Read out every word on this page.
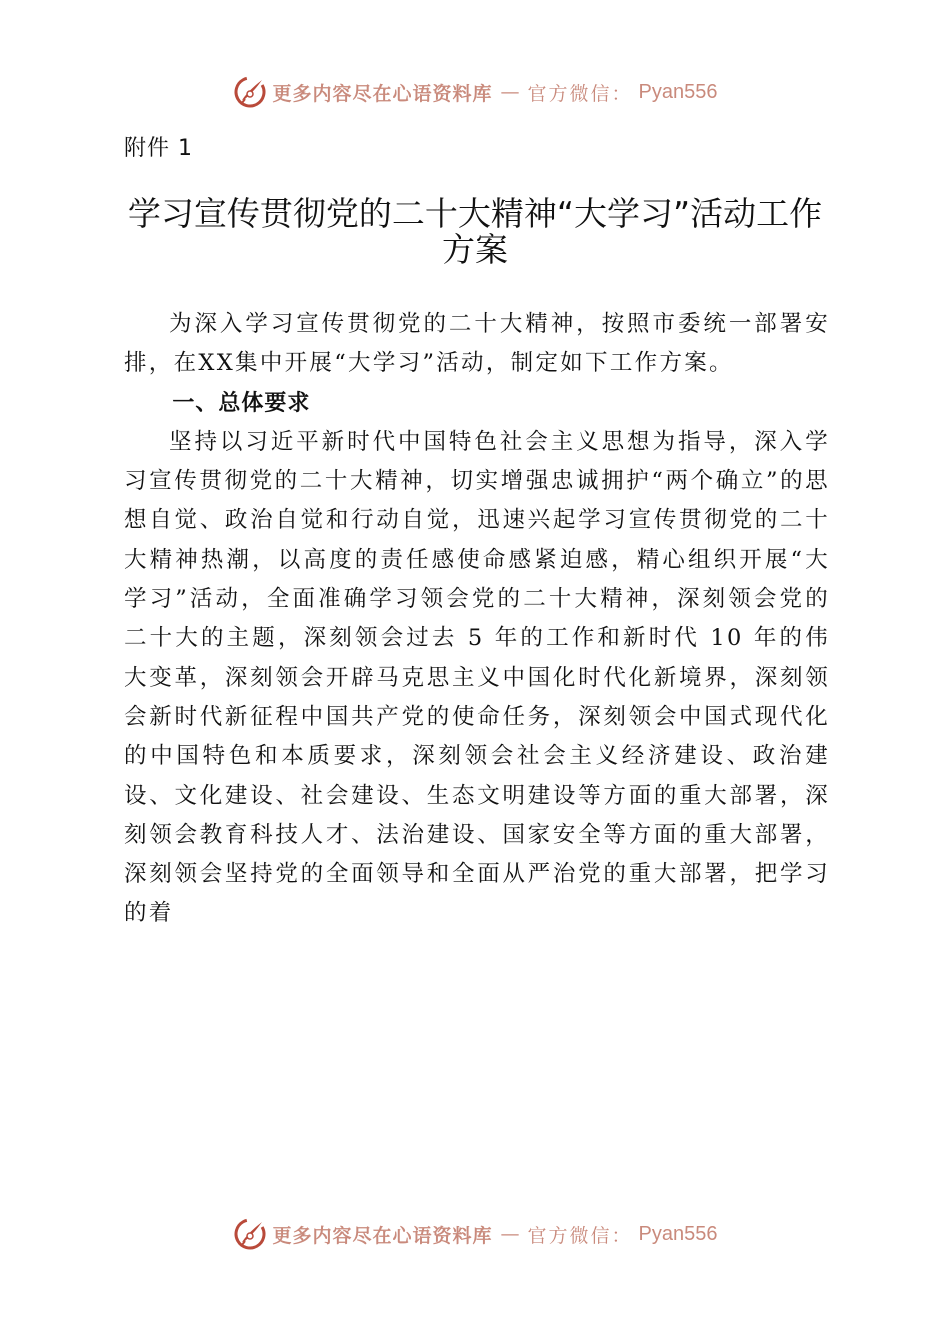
更多内容尽在心语资料库 — 官方微信： Pyan556
附件 1
学习宣传贯彻党的二十大精神“大学习”活动工作方案

为深入学习宣传贯彻党的二十大精神，按照市委统一部署安排，在XX集中开展“大学习”活动，制定如下工作方案。

一、总体要求

坚持以习近平新时代中国特色社会主义思想为指导，深入学习宣传贯彻党的二十大精神，切实增强忠诚拥护“两个确立”的思想自觉、政治自觉和行动自觉，迅速兴起学习宣传贯彻党的二十大精神热潮，以高度的责任感使命感紧迫感，精心组织开展“大学习”活动，全面准确学习领会党的二十大精神，深刻领会党的二十大的主题，深刻领会过去 5 年的工作和新时代 10 年的伟大变革，深刻领会开辟马克思主义中国化时代化新境界，深刻领会新时代新征程中国共产党的使命任务，深刻领会中国式现代化的中国特色和本质要求，深刻领会社会主义经济建设、政治建设、文化建设、社会建设、生态文明建设等方面的重大部署，深刻领会教育科技人才、法治建设、国家安全等方面的重大部署，深刻领会坚持党的全面领导和全面从严治党的重大部署，把学习的着

更多内容尽在心语资料库 — 官方微信： Pyan556
